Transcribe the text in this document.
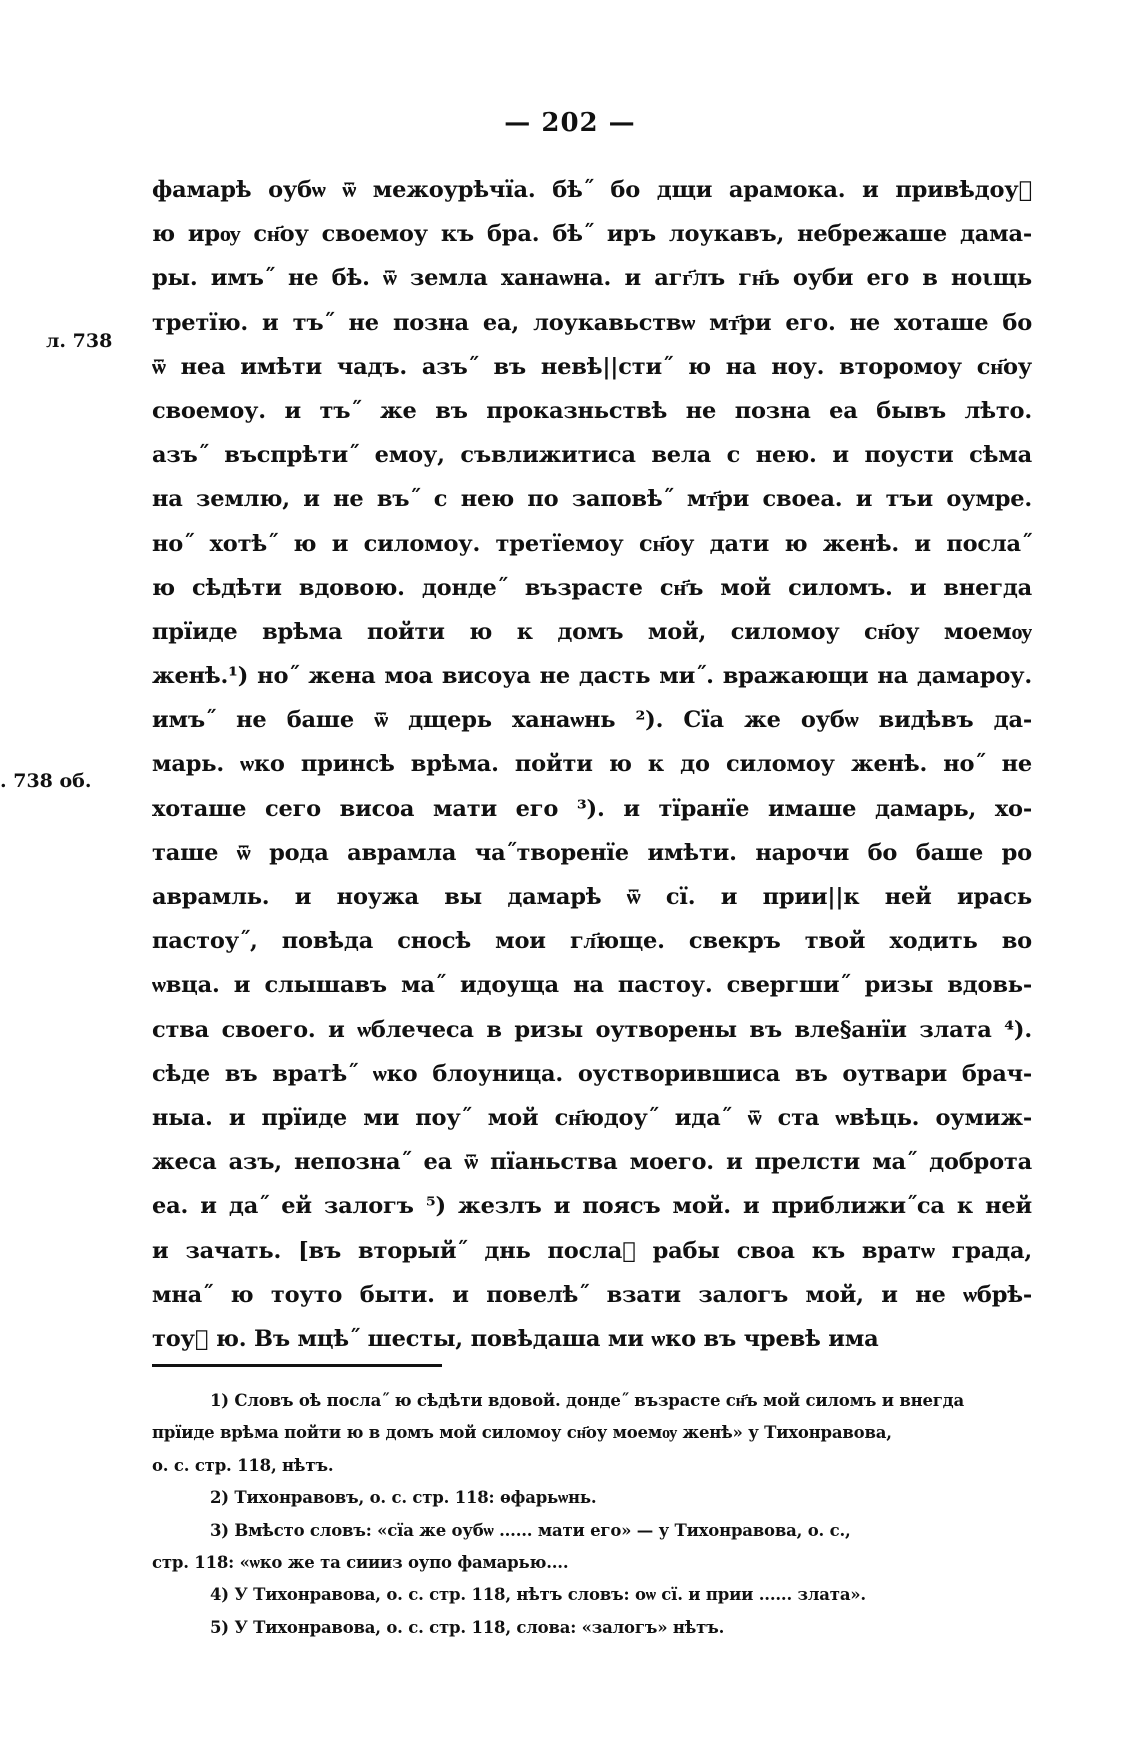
— 202 —
л. 738
. 738 об.
фамарѣ оубѡ ѿ межоурѣчїа. бѣ˝ бо дщи арамока. и привѣдоуⷯ
ю ирѹ сн҃оу своемоу къ бра. бѣ˝ иръ лоукавъ, небрежаше дама-
ры. имъ˝ не бѣ. ѿ земла ханаѡна. и агг҃лъ гн҃ь оуби его в ноιщь
третїю. и тъ˝ не позна еа, лоукавьствѡ мт҃ри его. не хоташе бо
ѿ неа имѣти чадъ. азъ˝ въ невѣ||сти˝ ю на ноу. второмоу сн҃оу
своемоу. и тъ˝ же въ проказньствѣ не позна еа бывъ лѣто.
азъ˝ въспрѣти˝ емоу, съвлижитиса вела с нею. и поусти сѣма
на землю, и не въ˝ с нею по заповѣ˝ мт҃ри своеа. и тъи оумре.
но˝ хотѣ˝ ю и силомоу. третїемоу сн҃оу дати ю женѣ. и посла˝
ю сѣдѣти вдовою. донде˝ възрасте сн҃ъ мой силомъ. и внегда
прїиде врѣма пойти ю к домъ мой, силомоу сн҃оу моемѹ
женѣ.¹) но˝ жена моа висоуа не дасть ми˝. вражающи на дамароу.
имъ˝ не баше ѿ дщерь ханаѡнь ²). Сїа же оубѡ видѣвъ да-
марь. ѡко принсѣ врѣма. пойти ю к до силомоу женѣ. но˝ не
хоташе сего висоа мати его ³). и тїранїе имаше дамарь, хо-
таше ѿ рода аврамла ча˝творенїе имѣти. нарочи бо баше ро
аврамль. и ноужа вы дамарѣ ѿ сї. и прии||к ней ирась
пастоу˝, повѣда сносѣ мои гл҃юще. свекръ твой ходить во
ѡвца. и слышавъ ма˝ идоуща на пастоу. свергши˝ ризы вдовь-
ства своего. и ѡблечеса в ризы оутворены въ вле§анїи злата ⁴).
сѣде въ вратѣ˝ ѡко блоуница. оустворившиса въ оутвари брач-
ныа. и прїиде ми поу˝ мой сн҃юдоу˝ ида˝ ѿ ста ѡвѣць. оумиж-
жеса азъ, непозна˝ еа ѿ пїаньства моего. и прелсти ма˝ доброта
еа. и да˝ ей залогъ ⁵) жезлъ и поясъ мой. и приближи˝са к ней
и зачать. [въ вторый˝ днь послаⷯ рабы своа къ вратѡ града,
мна˝ ю тоуто быти. и повелѣ˝ взати залогъ мой, и не ѡбрѣ-
тоуⷯ ю. Въ мцѣ˝ шесты, повѣдаша ми ѡко въ чревѣ има
1) Словъ оѣ посла˝ ю сѣдѣти вдовой. донде˝ възрасте сн҃ъ мой силомъ и внегда
прїиде врѣма пойти ю в домъ мой силомоу сн҃оу моемѹ женѣ» у Тихонравова,
о. с. стр. 118, нѣтъ.
2) Тихонравовъ, о. с. стр. 118: ѳфарьѡнь.
3) Вмѣсто словъ: «сїа же оубѡ ...... мати его» — у Тихонравова, о. с.,
стр. 118: «ѡко же та сиииз оупо фамарью....
4) У Тихонравова, о. с. стр. 118, нѣтъ словъ: оѡ сї. и прии ...... злата».
5) У Тихонравова, о. с. стр. 118, слова: «залогъ» нѣтъ.
